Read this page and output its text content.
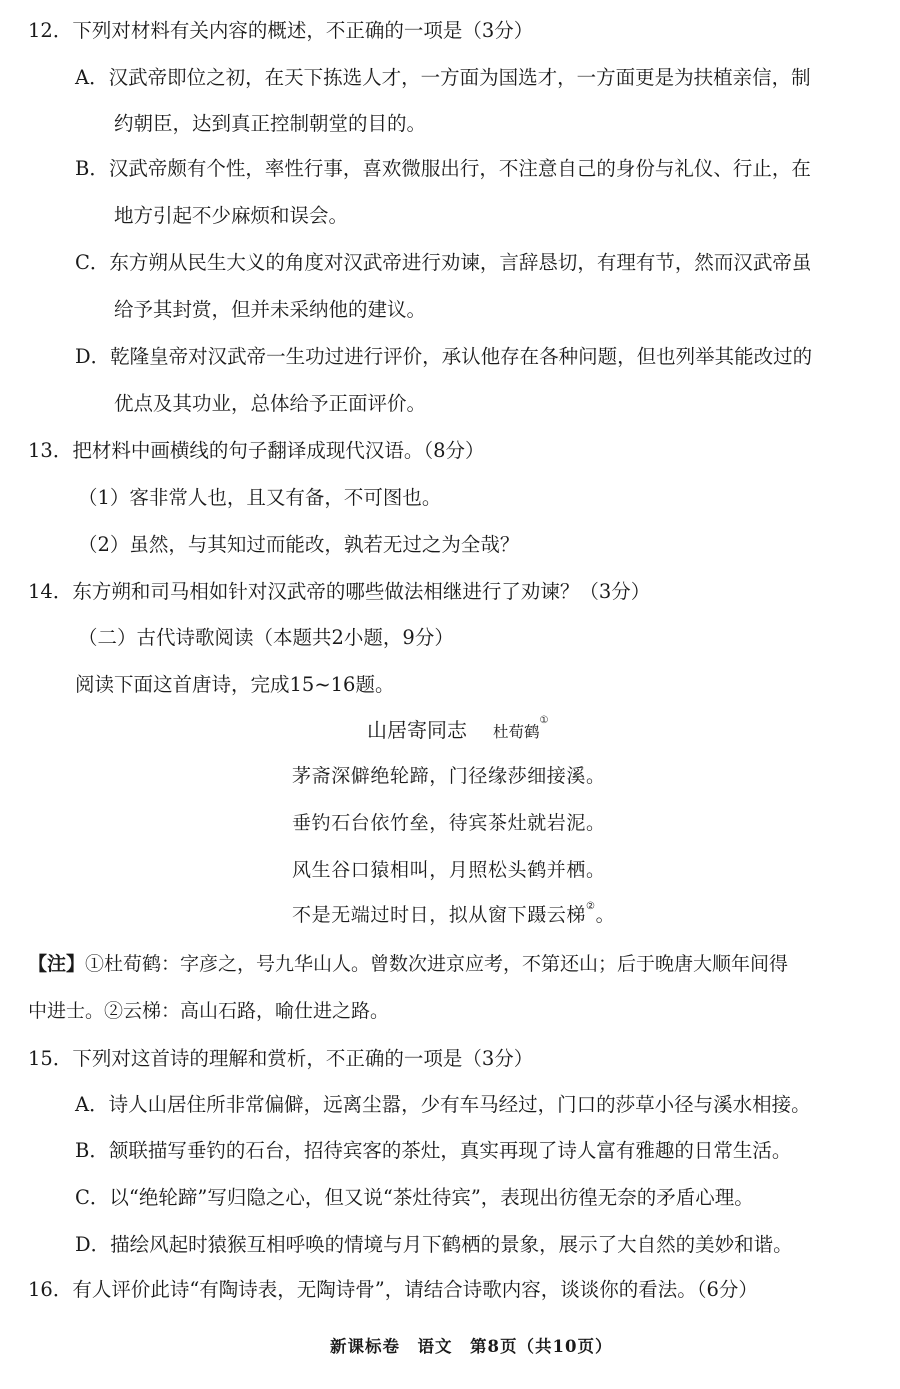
12．下列对材料有关内容的概述，不正确的一项是（3分）
A．汉武帝即位之初，在天下拣选人才，一方面为国选才，一方面更是为扶植亲信，制
约朝臣，达到真正控制朝堂的目的。
B．汉武帝颇有个性，率性行事，喜欢微服出行，不注意自己的身份与礼仪、行止，在
地方引起不少麻烦和误会。
C．东方朔从民生大义的角度对汉武帝进行劝谏，言辞恳切，有理有节，然而汉武帝虽
给予其封赏，但并未采纳他的建议。
D．乾隆皇帝对汉武帝一生功过进行评价，承认他存在各种问题，但也列举其能改过的
优点及其功业，总体给予正面评价。
13．把材料中画横线的句子翻译成现代汉语。（8分）
（1）客非常人也，且又有备，不可图也。
（2）虽然，与其知过而能改，孰若无过之为全哉？
14．东方朔和司马相如针对汉武帝的哪些做法相继进行了劝谏？（3分）
（二）古代诗歌阅读（本题共2小题，9分）
阅读下面这首唐诗，完成15~16题。
山居寄同志 杜荀鹤①
茅斋深僻绝轮蹄，门径缘莎细接溪。
垂钓石台依竹垒，待宾茶灶就岩泥。
风生谷口猿相叫，月照松头鹤并栖。
不是无端过时日，拟从窗下蹑云梯②。
【注】①杜荀鹤：字彦之，号九华山人。曾数次进京应考，不第还山；后于晚唐大顺年间得
中进士。②云梯：高山石路，喻仕进之路。
15．下列对这首诗的理解和赏析，不正确的一项是（3分）
A．诗人山居住所非常偏僻，远离尘嚣，少有车马经过，门口的莎草小径与溪水相接。
B．颔联描写垂钓的石台，招待宾客的茶灶，真实再现了诗人富有雅趣的日常生活。
C．以“绝轮蹄”写归隐之心，但又说“茶灶待宾”，表现出彷徨无奈的矛盾心理。
D．描绘风起时猿猴互相呼唤的情境与月下鹤栖的景象，展示了大自然的美妙和谐。
16．有人评价此诗“有陶诗表，无陶诗骨”，请结合诗歌内容，谈谈你的看法。（6分）
新课标卷　语文　第8页（共10页）
